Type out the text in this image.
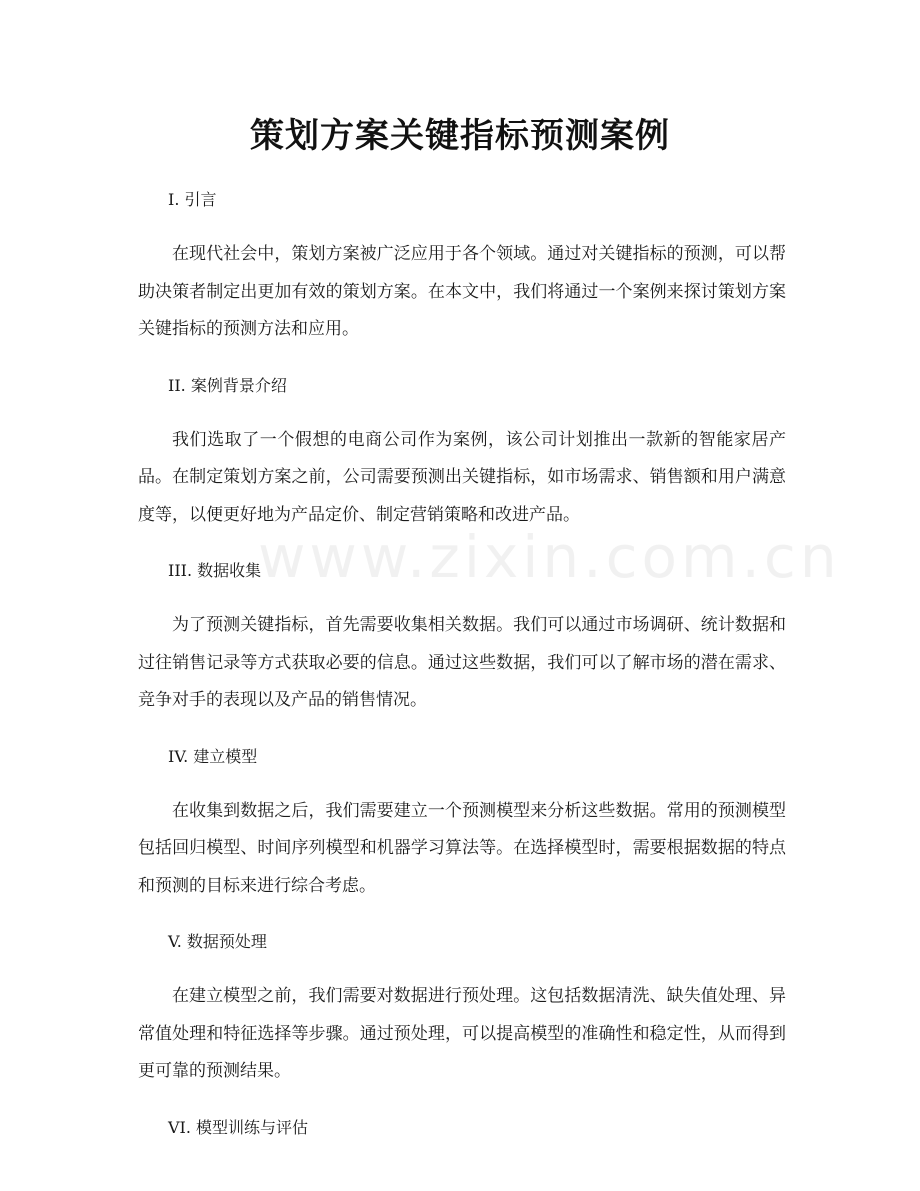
www.zixin.com.cn
策划方案关键指标预测案例
I. 引言

在现代社会中，策划方案被广泛应用于各个领域。通过对关键指标的预测，可以帮助决策者制定出更加有效的策划方案。在本文中，我们将通过一个案例来探讨策划方案关键指标的预测方法和应用。

II. 案例背景介绍

我们选取了一个假想的电商公司作为案例，该公司计划推出一款新的智能家居产品。在制定策划方案之前，公司需要预测出关键指标，如市场需求、销售额和用户满意度等，以便更好地为产品定价、制定营销策略和改进产品。

III. 数据收集

为了预测关键指标，首先需要收集相关数据。我们可以通过市场调研、统计数据和过往销售记录等方式获取必要的信息。通过这些数据，我们可以了解市场的潜在需求、竞争对手的表现以及产品的销售情况。

IV. 建立模型

在收集到数据之后，我们需要建立一个预测模型来分析这些数据。常用的预测模型包括回归模型、时间序列模型和机器学习算法等。在选择模型时，需要根据数据的特点和预测的目标来进行综合考虑。

V. 数据预处理

在建立模型之前，我们需要对数据进行预处理。这包括数据清洗、缺失值处理、异常值处理和特征选择等步骤。通过预处理，可以提高模型的准确性和稳定性，从而得到更可靠的预测结果。

VI. 模型训练与评估
